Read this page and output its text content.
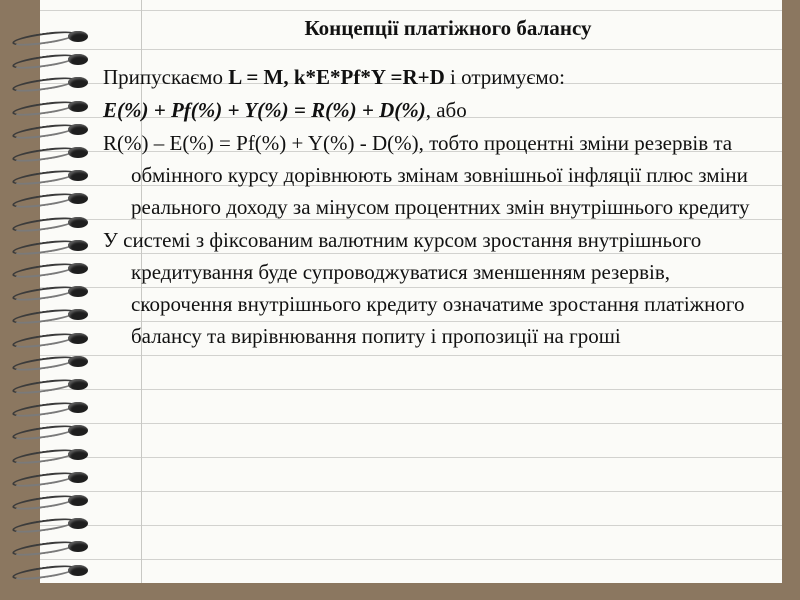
Концепції платіжного балансу

Припускаємо L = M, k*E*Pf*Y =R+D і отримуємо:

E(%) + Pf(%) + Y(%) = R(%) + D(%), або

R(%) – E(%) = Pf(%) + Y(%) - D(%), тобто процентні зміни резервів та обмінного курсу дорівнюють змінам зовнішньої інфляції плюс зміни реального доходу за мінусом процентних змін внутрішнього кредиту

У системі з фіксованим валютним курсом зростання внутрішнього кредитування буде супроводжуватися зменшенням резервів, скорочення внутрішнього кредиту означатиме зростання платіжного балансу та вирівнювання попиту і пропозиції на гроші
